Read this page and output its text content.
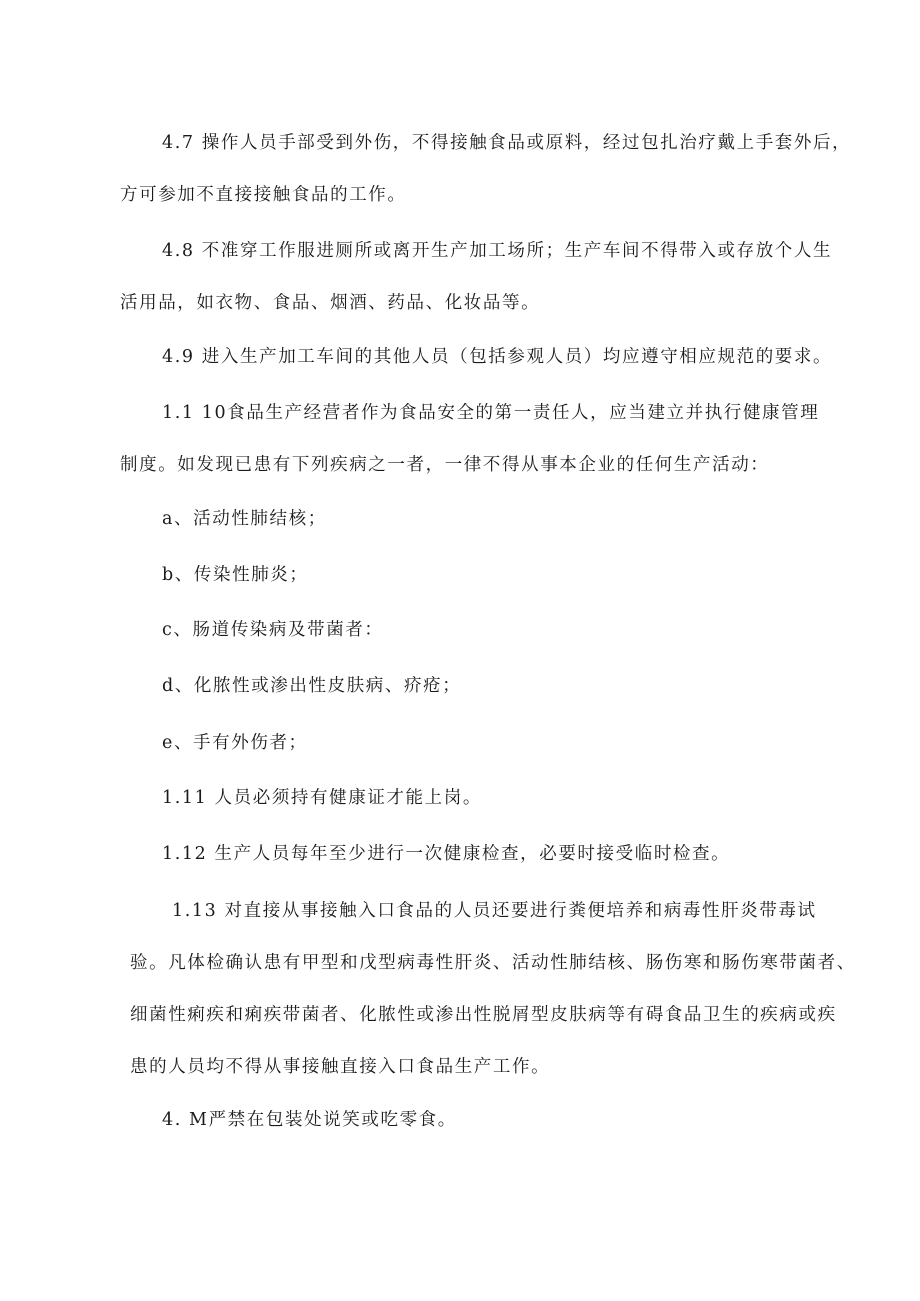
4.7 操作人员手部受到外伤，不得接触食品或原料，经过包扎治疗戴上手套外后，
方可参加不直接接触食品的工作。
4.8 不准穿工作服进厕所或离开生产加工场所；生产车间不得带入或存放个人生
活用品，如衣物、食品、烟酒、药品、化妆品等。
4.9 进入生产加工车间的其他人员（包括参观人员）均应遵守相应规范的要求。
1.1 10食品生产经营者作为食品安全的第一责任人，应当建立并执行健康管理
制度。如发现已患有下列疾病之一者，一律不得从事本企业的任何生产活动：
a、活动性肺结核；
b、传染性肺炎；
c、肠道传染病及带菌者：
d、化脓性或渗出性皮肤病、疥疮；
e、手有外伤者；
1.11 人员必须持有健康证才能上岗。
1.12 生产人员每年至少进行一次健康检查，必要时接受临时检查。
1.13 对直接从事接触入口食品的人员还要进行粪便培养和病毒性肝炎带毒试
验。凡体检确认患有甲型和戊型病毒性肝炎、活动性肺结核、肠伤寒和肠伤寒带菌者、
细菌性痢疾和痢疾带菌者、化脓性或渗出性脱屑型皮肤病等有碍食品卫生的疾病或疾
患的人员均不得从事接触直接入口食品生产工作。
4. M严禁在包装处说笑或吃零食。
